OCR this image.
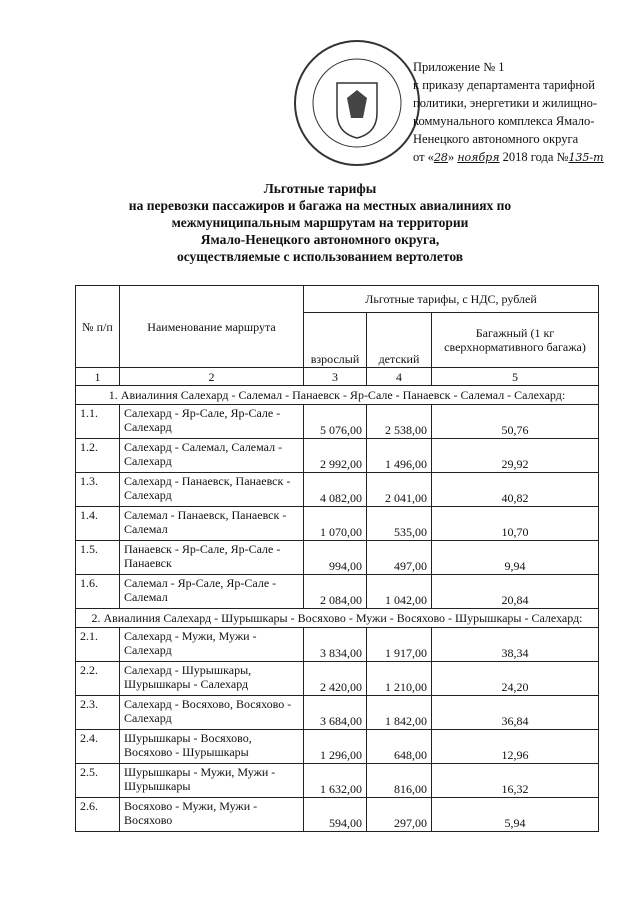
Приложение № 1
к приказу департамента тарифной
политики, энергетики и жилищно-
коммунального комплекса Ямало-
Ненецкого автономного округа
от «28» ноября 2018 года №135-т
Льготные тарифы
на перевозки пассажиров и багажа на местных авиалиниях по
межмуниципальным маршрутам на территории
Ямало-Ненецкого автономного округа,
осуществляемые с использованием вертолетов
№ п/п	Наименование маршрута	Льготные тарифы, с НДС, рублей		
		взрослый	детский	Багажный (1 кг сверхнормативного багажа)
1	2	3	4	5
1. Авиалиния Салехард - Салемал - Панаевск - Яр-Сале - Панаевск - Салемал - Салехард:				
1.1.	Салехард - Яр-Сале, Яр-Сале - Салехард	5 076,00	2 538,00	50,76
1.2.	Салехард - Салемал, Салемал - Салехард	2 992,00	1 496,00	29,92
1.3.	Салехард - Панаевск, Панаевск - Салехард	4 082,00	2 041,00	40,82
1.4.	Салемал - Панаевск, Панаевск - Салемал	1 070,00	535,00	10,70
1.5.	Панаевск - Яр-Сале, Яр-Сале - Панаевск	994,00	497,00	9,94
1.6.	Салемал - Яр-Сале, Яр-Сале - Салемал	2 084,00	1 042,00	20,84
2. Авиалиния Салехард - Шурышкары - Восяхово - Мужи - Восяхово - Шурышкары - Салехард:				
2.1.	Салехард - Мужи, Мужи - Салехард	3 834,00	1 917,00	38,34
2.2.	Салехард - Шурышкары, Шурышкары - Салехард	2 420,00	1 210,00	24,20
2.3.	Салехард - Восяхово, Восяхово - Салехард	3 684,00	1 842,00	36,84
2.4.	Шурышкары - Восяхово, Восяхово - Шурышкары	1 296,00	648,00	12,96
2.5.	Шурышкары - Мужи, Мужи - Шурышкары	1 632,00	816,00	16,32
2.6.	Восяхово - Мужи, Мужи - Восяхово	594,00	297,00	5,94
